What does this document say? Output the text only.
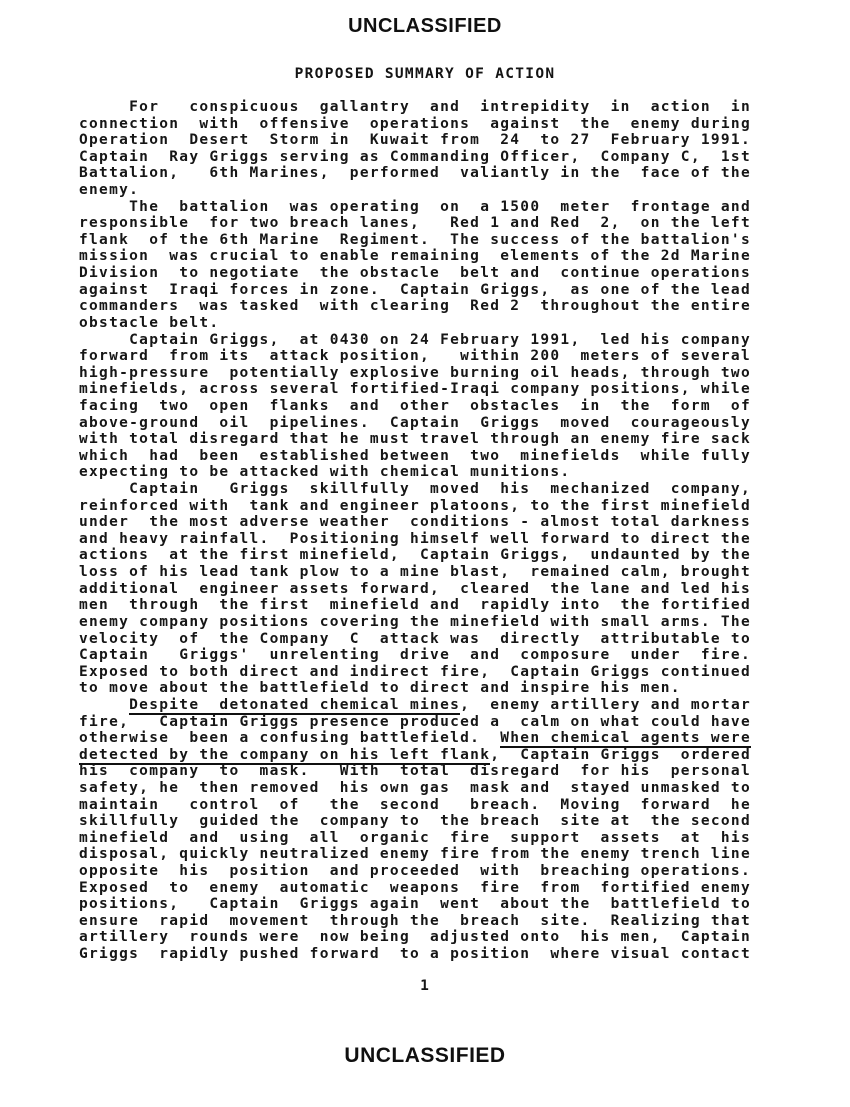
UNCLASSIFIED
PROPOSED SUMMARY OF ACTION
For   conspicuous  gallantry  and  intrepidity  in  action  in
connection  with  offensive  operations  against  the  enemy during
Operation  Desert  Storm in  Kuwait from  24  to 27  February 1991.
Captain  Ray Griggs serving as Commanding Officer,  Company C,  1st
Battalion,   6th Marines,  performed  valiantly in the  face of the
enemy.
The  battalion  was operating  on  a 1500  meter  frontage and
responsible  for two breach lanes,   Red 1 and Red  2,  on the left
flank  of the 6th Marine  Regiment.  The success of the battalion's
mission  was crucial to enable remaining  elements of the 2d Marine
Division  to negotiate  the obstacle  belt and  continue operations
against  Iraqi forces in zone.  Captain Griggs,  as one of the lead
commanders  was tasked  with clearing  Red 2  throughout the entire
obstacle belt.
Captain Griggs,  at 0430 on 24 February 1991,  led his company
forward  from its  attack position,   within 200  meters of several
high-pressure  potentially explosive burning oil heads, through two
minefields, across several fortified-Iraqi company positions, while
facing  two  open  flanks  and  other  obstacles  in  the  form  of
above-ground  oil  pipelines.  Captain  Griggs  moved  courageously
with total disregard that he must travel through an enemy fire sack
which  had  been  established between  two  minefields  while fully
expecting to be attacked with chemical munitions.
Captain   Griggs  skillfully  moved  his  mechanized  company,
reinforced with  tank and engineer platoons, to the first minefield
under  the most adverse weather  conditions - almost total darkness
and heavy rainfall.  Positioning himself well forward to direct the
actions  at the first minefield,  Captain Griggs,  undaunted by the
loss of his lead tank plow to a mine blast,  remained calm, brought
additional  engineer assets forward,  cleared  the lane and led his
men  through  the first  minefield and  rapidly into  the fortified
enemy company positions covering the minefield with small arms. The
velocity  of  the Company  C  attack was  directly  attributable to
Captain   Griggs'  unrelenting  drive  and  composure  under  fire.
Exposed to both direct and indirect fire,  Captain Griggs continued
to move about the battlefield to direct and inspire his men.
Despite  detonated chemical mines,  enemy artillery and mortar
fire,   Captain Griggs presence produced a  calm on what could have
otherwise  been a confusing battlefield.  When chemical agents were
detected by the company on his left flank,  Captain Griggs  ordered
his  company  to  mask.   With  total  disregard  for his  personal
safety, he  then removed  his own gas  mask and  stayed unmasked to
maintain   control  of   the  second   breach.  Moving  forward  he
skillfully  guided the  company to  the breach  site at  the second
minefield  and  using  all  organic  fire  support  assets  at  his
disposal, quickly neutralized enemy fire from the enemy trench line
opposite  his  position  and proceeded  with  breaching operations.
Exposed  to  enemy  automatic  weapons  fire  from  fortified enemy
positions,   Captain  Griggs again  went  about the  battlefield to
ensure  rapid  movement  through the  breach  site.  Realizing that
artillery  rounds were  now being  adjusted onto  his men,  Captain
Griggs  rapidly pushed forward  to a position  where visual contact
1
UNCLASSIFIED
